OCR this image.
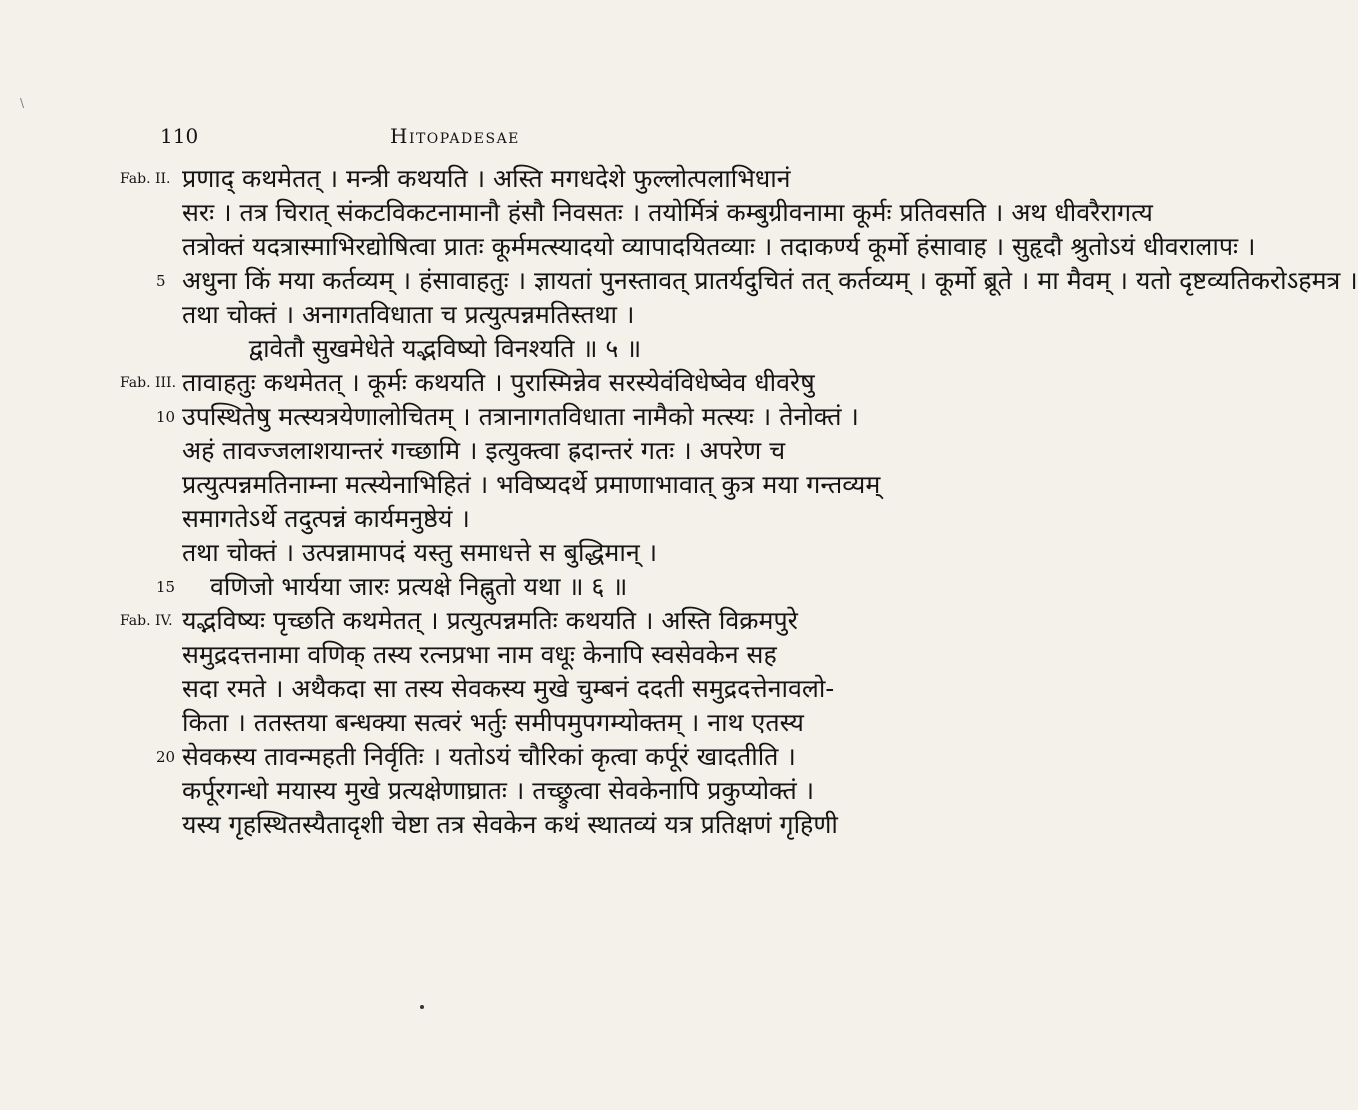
\
110	Hitopadesae
Fab. II. प्रणाद् कथमेतत् । मन्त्री कथयति । अस्ति मगधदेशे फुल्लोत्पलाभिधानं
सरः । तत्र चिरात् संकटविकटनामानौ हंसौ निवसतः । तयोर्मित्रं कम्बुग्रीवनामा कूर्मः प्रतिवसति । अथ धीवरैरागत्य
तत्रोक्तं यदत्रास्माभिरद्योषित्वा प्रातः कूर्ममत्स्यादयो व्यापादयितव्याः । तदाकर्ण्य कूर्मो हंसावाह । सुहृदौ श्रुतोऽयं धीवरालापः ।
5 अधुना किं मया कर्तव्यम् । हंसावाहतुः । ज्ञायतां पुनस्तावत् प्रातर्यदुचितं तत् कर्तव्यम् । कूर्मो ब्रूते । मा मैवम् । यतो दृष्टव्यतिकरोऽहमत्र ।
तथा चोक्तं । अनागतविधाता च प्रत्युत्पन्नमतिस्तथा ।
द्वावेतौ सुखमेधेते यद्भविष्यो विनश्यति ॥ ५ ॥
Fab. III. तावाहतुः कथमेतत् । कूर्मः कथयति । पुरास्मिन्नेव सरस्येवंविधेष्वेव धीवरेषु
10 उपस्थितेषु मत्स्यत्रयेणालोचितम् । तत्रानागतविधाता नामैको मत्स्यः । तेनोक्तं ।
अहं तावज्जलाशयान्तरं गच्छामि । इत्युक्त्वा ह्रदान्तरं गतः । अपरेण च
प्रत्युत्पन्नमतिनाम्ना मत्स्येनाभिहितं । भविष्यदर्थे प्रमाणाभावात् कुत्र मया गन्तव्यम्
समागतेऽर्थे तदुत्पन्नं कार्यमनुष्ठेयं ।
तथा चोक्तं । उत्पन्नामापदं यस्तु समाधत्ते स बुद्धिमान् ।
15 वणिजो भार्यया जारः प्रत्यक्षे निह्नुतो यथा ॥ ६ ॥
Fab. IV. यद्भविष्यः पृच्छति कथमेतत् । प्रत्युत्पन्नमतिः कथयति । अस्ति विक्रमपुरे
समुद्रदत्तनामा वणिक् तस्य रत्नप्रभा नाम वधूः केनापि स्वसेवकेन सह
सदा रमते । अथैकदा सा तस्य सेवकस्य मुखे चुम्बनं ददती समुद्रदत्तेनावलो-
किता । ततस्तया बन्धक्या सत्वरं भर्तुः समीपमुपगम्योक्तम् । नाथ एतस्य
20 सेवकस्य तावन्महती निर्वृतिः । यतोऽयं चौरिकां कृत्वा कर्पूरं खादतीति ।
कर्पूरगन्धो मयास्य मुखे प्रत्यक्षेणाघ्रातः । तच्छ्रुत्वा सेवकेनापि प्रकुप्योक्तं ।
यस्य गृहस्थितस्यैतादृशी चेष्टा तत्र सेवकेन कथं स्थातव्यं यत्र प्रतिक्षणं गृहिणी
